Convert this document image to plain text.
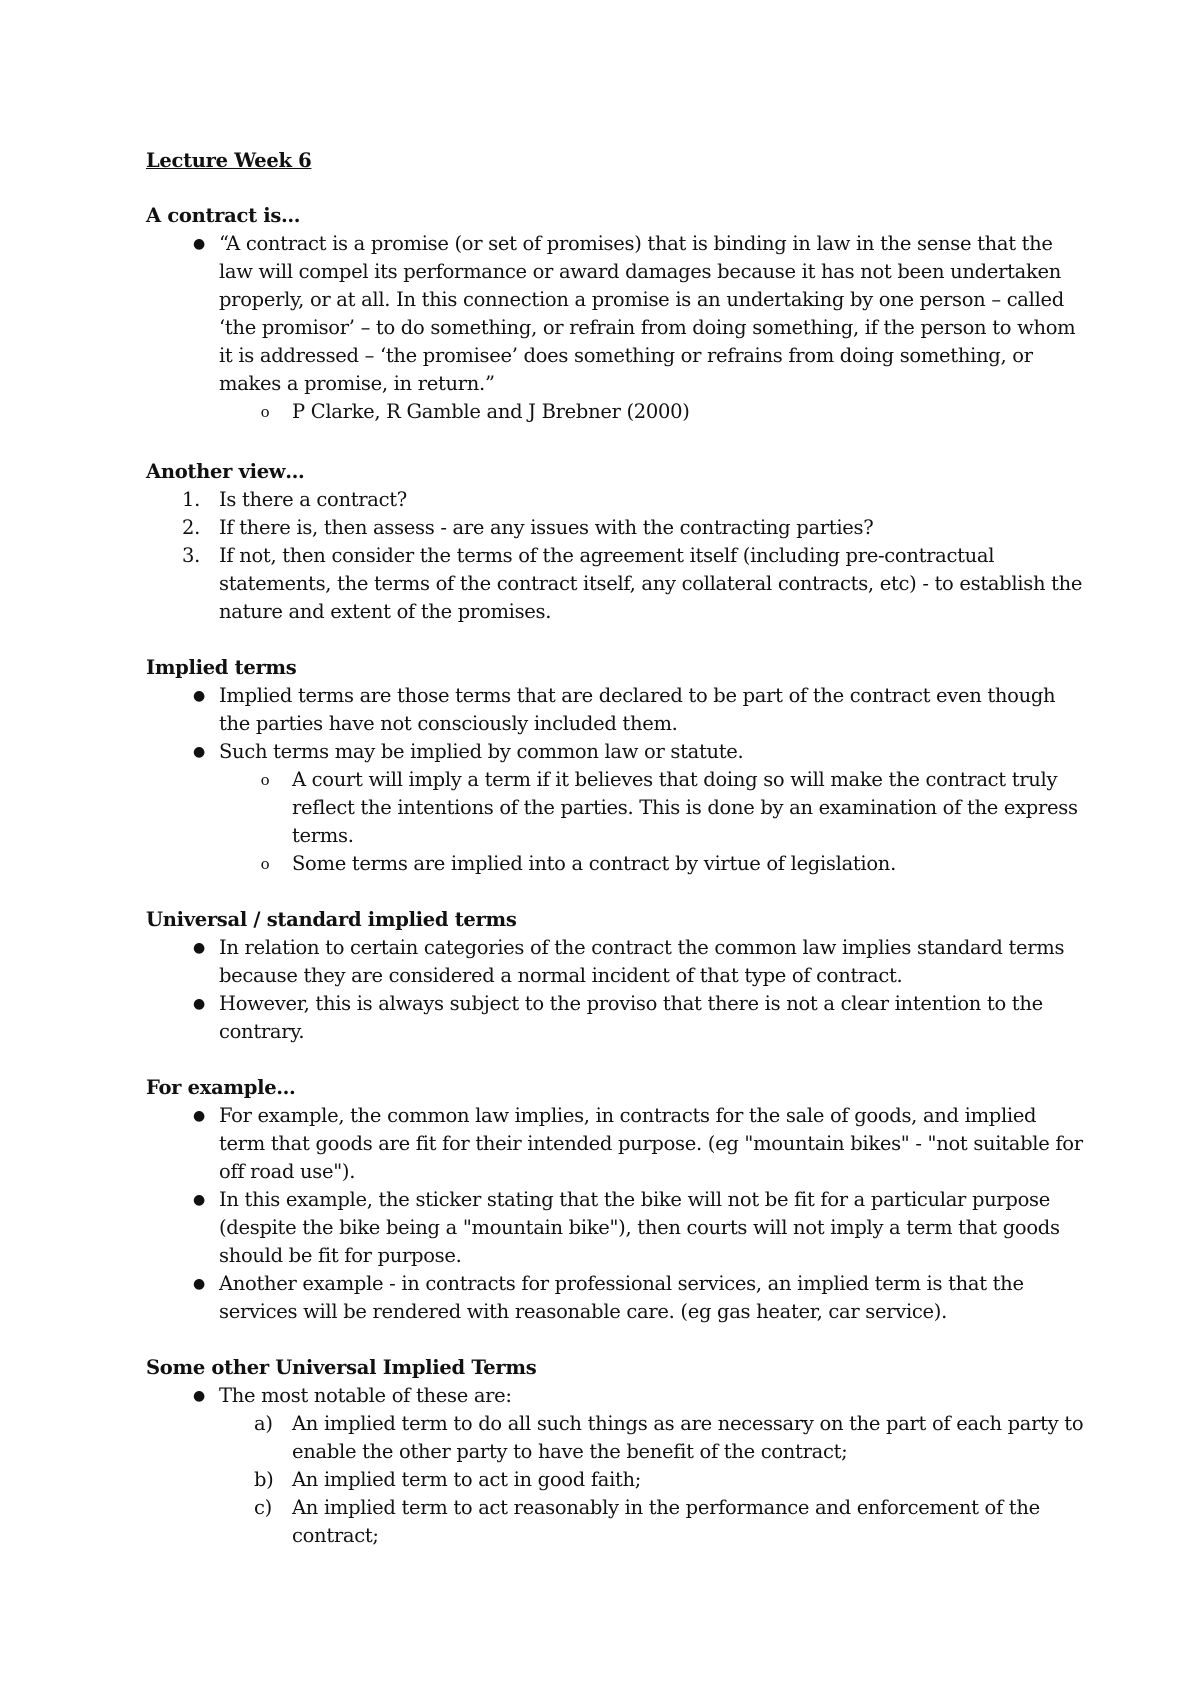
Lecture Week 6

A contract is…

● “A contract is a promise (or set of promises) that is binding in law in the sense that the law will compel its performance or award damages because it has not been undertaken properly, or at all. In this connection a promise is an undertaking by one person – called ‘the promisor’ – to do something, or refrain from doing something, if the person to whom it is addressed – ‘the promisee’ does something or refrains from doing something, or makes a promise, in return.”
o	P Clarke, R Gamble and J Brebner (2000)

Another view…

1. Is there a contract?
2. If there is, then assess - are any issues with the contracting parties?
3. If not, then consider the terms of the agreement itself (including pre-contractual statements, the terms of the contract itself, any collateral contracts, etc) - to establish the nature and extent of the promises.

Implied terms

● Implied terms are those terms that are declared to be part of the contract even though the parties have not consciously included them.
● Such terms may be implied by common law or statute.
o	A court will imply a term if it believes that doing so will make the contract truly reflect the intentions of the parties. This is done by an examination of the express terms.
o	Some terms are implied into a contract by virtue of legislation.

Universal / standard implied terms

● In relation to certain categories of the contract the common law implies standard terms because they are considered a normal incident of that type of contract.
● However, this is always subject to the proviso that there is not a clear intention to the contrary.

For example…

● For example, the common law implies, in contracts for the sale of goods, and implied term that goods are fit for their intended purpose. (eg "mountain bikes" - "not suitable for off road use").
● In this example, the sticker stating that the bike will not be fit for a particular purpose (despite the bike being a "mountain bike"), then courts will not imply a term that goods should be fit for purpose.
● Another example - in contracts for professional services, an implied term is that the services will be rendered with reasonable care. (eg gas heater, car service).

Some other Universal Implied Terms

● The most notable of these are:
a) An implied term to do all such things as are necessary on the part of each party to enable the other party to have the benefit of the contract;
b) An implied term to act in good faith;
c)	An implied term to act reasonably in the performance and enforcement of the contract;
